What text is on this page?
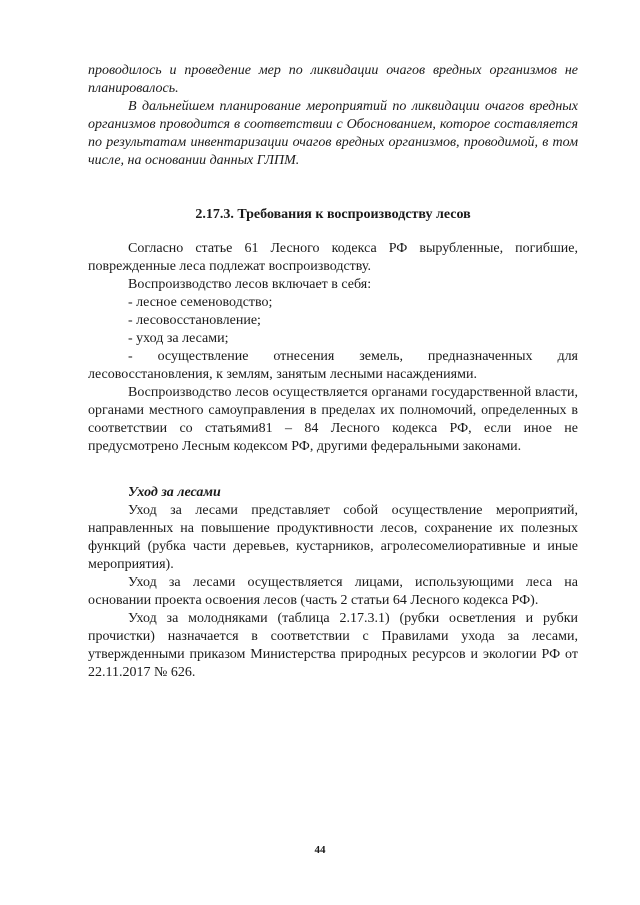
проводилось и проведение мер по ликвидации очагов вредных организмов не планировалось.

В дальнейшем планирование мероприятий по ликвидации очагов вредных организмов проводится в соответствии с Обоснованием, которое составляется по результатам инвентаризации очагов вредных организмов, проводимой, в том числе, на основании данных ГЛПМ.

2.17.3. Требования к воспроизводству лесов

Согласно статье 61 Лесного кодекса РФ вырубленные, погибшие, поврежденные леса подлежат воспроизводству.

Воспроизводство лесов включает в себя:

- лесное семеноводство;

- лесовосстановление;

- уход за лесами;

- осуществление отнесения земель, предназначенных для лесовосстановления, к землям, занятым лесными насаждениями.

Воспроизводство лесов осуществляется органами государственной власти, органами местного самоуправления в пределах их полномочий, определенных в соответствии со статьями81 – 84 Лесного кодекса РФ, если иное не предусмотрено Лесным кодексом РФ, другими федеральными законами.

Уход за лесами

Уход за лесами представляет собой осуществление мероприятий, направленных на повышение продуктивности лесов, сохранение их полезных функций (рубка части деревьев, кустарников, агролесомелиоративные и иные мероприятия).

Уход за лесами осуществляется лицами, использующими леса на основании проекта освоения лесов (часть 2 статьи 64 Лесного кодекса РФ).

Уход за молодняками (таблица 2.17.3.1) (рубки осветления и рубки прочистки) назначается в соответствии с Правилами ухода за лесами, утвержденными приказом Министерства природных ресурсов и экологии РФ от 22.11.2017 № 626.

44
